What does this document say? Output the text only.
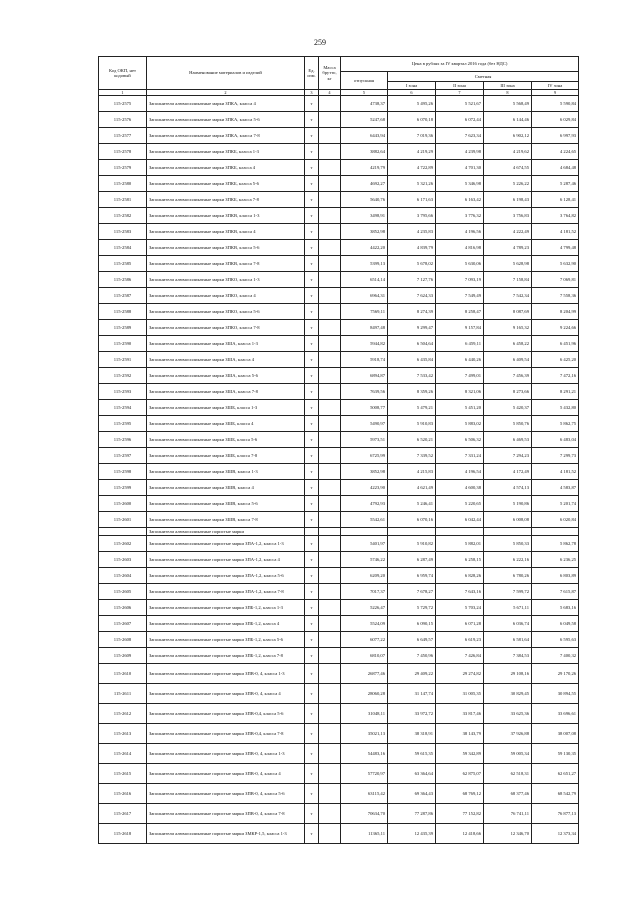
259
Код ОКП, нет кодовый	Наименование материалов и изделий	Ед. изм.	Масса брутто, кг	Цена в рублях за IV квартал 2016 года (без НДС)				
				отпускная	Сметная			
					I зона	II зона	III зона	IV зона
1	2	3	4	5	6	7	8	9
115-2575	Заполнители алюмосиликатные марки ЗПКА, класса 4	т		4738,37	5 495,26	5 521,67	5 568,49	5 590,84
115-2576	Заполнители алюмосиликатные марки ЗПКА, класса 5-6	т		5247,68	6 070,18	6 072,44	6 144,46	6 029,84
115-2577	Заполнители алюмосиликатные марки ЗПКА, класса 7-8	т		6443,94	7 019,36	7 623,34	6 902,12	6 997,93
115-2578	Заполнители алюмосиликатные марки ЗПКБ, класса 1-3	т		3882,64	4 219,29	4 239,98	4 219,62	4 224,65
115-2579	Заполнители алюмосиликатные марки ЗПКБ, класса 4	т		4219,79	4 722,89	4 701,30	4 674,55	4 684,48
115-2580	Заполнители алюмосиликатные марки ЗПКБ, класса 5-6	т		4692,27	5 321,26	5 346,98	5 226,22	5 287,46
115-2581	Заполнители алюмосиликатные марки ЗПКБ, класса 7-8	т		5640,76	6 171,63	6 163,42	6 198,43	6 128,41
115-2582	Заполнители алюмосиликатные марки ЗПКВ, класса 1-3	т		3498,91	3 795,66	3 776,32	3 756,83	3 764,82
115-2583	Заполнители алюмосиликатные марки ЗПКВ, класса 4	т		3852,98	4 235,83	4 196,56	4 222,49	4 181,52
115-2584	Заполнители алюмосиликатные марки ЗПКВ, класса 5-6	т		4422,20	4 839,79	4 816,98	4 789,23	4 799,48
115-2585	Заполнители алюмосиликатные марки ЗПКВ, класса 7-8	т		5399,13	5 678,02	5 630,06	5 628,98	5 632,90
115-2586	Заполнители алюмосиликатные марки ЗПКО, класса 1-3	т		6514,14	7 127,76	7 093,19	7 158,84	7 069,81
115-2587	Заполнители алюмосиликатные марки ЗПКО, класса 4	т		6964,31	7 624,33	7 549,49	7 542,34	7 558,36
115-2588	Заполнители алюмосиликатные марки ЗПКО, класса 5-6	т		7569,11	8 274,39	8 258,47	8 087,69	8 204,99
115-2589	Заполнители алюмосиликатные марки ЗПКО, класса 7-8	т		8497,48	9 299,47	9 157,84	9 165,32	9 224,66
115-2590	Заполнители алюмосиликатные марки ЗША, класса 1-3	т		5944,82	6 504,64	6 459,11	6 458,22	6 451,96
115-2591	Заполнители алюмосиликатные марки ЗША, класса 4	т		5918,74	6 435,84	6 440,26	6 409,54	6 425,20
115-2592	Заполнители алюмосиликатные марки ЗША, класса 5-6	т		6894,87	7 533,42	7 499,01	7 456,39	7 472,16
115-2593	Заполнители алюмосиликатные марки ЗША, класса 7-8	т		7639,56	8 359,26	8 321,06	8 273,66	8 291,21
115-2594	Заполнители алюмосиликатные марки ЗШБ, класса 1-3	т		5008,77	5 479,21	5 451,20	5 420,37	5 432,80
115-2595	Заполнители алюмосиликатные марки ЗШБ, класса 4	т		5490,97	5 910,83	5 883,02	5 850,76	5 862,75
115-2596	Заполнители алюмосиликатные марки ЗШБ, класса 5-6	т		5973,51	6 520,21	6 506,32	6 469,53	6 483,04
115-2597	Заполнители алюмосиликатные марки ЗШБ, класса 7-8	т		6725,99	7 339,52	7 331,24	7 294,23	7 299,73
115-2598	Заполнители алюмосиликатные марки ЗШВ, класса 1-3	т		3852,98	4 215,83	4 196,54	4 172,49	4 181,52
115-2599	Заполнители алюмосиликатные марки ЗШВ, класса 4	т		4223,90	4 621,49	4 600,38	4 574,13	4 583,87
115-2600	Заполнители алюмосиликатные марки ЗШВ, класса 5-6	т		4792,93	5 246,41	5 220,65	5 190,86	5 201,74
115-2601	Заполнители алюмосиликатные марки ЗШВ, класса 7-8	т		5542,61	6 070,16	6 042,44	6 008,08	6 020,84
	Заполнители алюмосиликатные пористые марки							
115-2602	Заполнители алюмосиликатные пористые марки ЗПА-1,2, класса 1-3	т		5401,97	5 910,82	5 882,01	5 850,33	5 862,78
115-2603	Заполнители алюмосиликатные пористые марки ЗПА-1,2, класса 4	т		5746,22	6 287,49	6 258,15	6 222,16	6 236,25
115-2604	Заполнители алюмосиликатные пористые марки ЗПА-1,2, класса 5-6	т		6209,20	6 959,74	6 828,26	6 780,26	6 803,89
115-2605	Заполнители алюмосиликатные пористые марки ЗПА-1,2, класса 7-8	т		7017,37	7 678,27	7 643,16	7 599,72	7 615,87
115-2606	Заполнители алюмосиликатные пористые марки ЗПБ-1,2, класса 1-3	т		5226,47	5 729,72	5 703,24	5 671,11	5 683,16
115-2607	Заполнители алюмосиликатные пористые марки ЗПБ-1,2, класса 4	т		5524,09	6 090,15	6 071,28	6 036,74	6 049,58
115-2608	Заполнители алюмосиликатные пористые марки ЗПБ-1,2, класса 5-6	т		6077,22	6 649,57	6 619,23	6 581,64	6 595,63
115-2609	Заполнители алюмосиликатные пористые марки ЗПБ-1,2, класса 7-8	т		6810,07	7 450,96	7 426,84	7 384,53	7 400,32
115-2610	Заполнители алюмосиликатные пористые марки ЗПВ-0, 4, класса 1-3	т		26877,46	29 409,22	29 274,82	29 108,16	29 170,26
115-2611	Заполнители алюмосиликатные пористые марки ЗПВ-0, 4, класса 4	т		28060,28	31 147,74	31 005,35	30 829,45	30 894,55
115-2612	Заполнители алюмосиликатные пористые марки ЗПВ-0,4, класса 5-6	т		31048,11	33 972,72	33 817,46	33 625,36	33 696,61
115-2613	Заполнители алюмосиликатные пористые марки ЗПВ-0,4, класса 7-8	т		35021,13	38 318,91	38 143,79	37 926,88	38 007,08
115-2614	Заполнители алюмосиликатные пористые марки ЗПВ-0, 4, класса 1-3	т		54483,16	59 615,35	59 342,89	59 005,34	59 130,35
115-2615	Заполнители алюмосиликатные пористые марки ЗПВ-0, 4, класса 4	т		57720,97	63 364,64	62 875,07	62 518,31	62 651,27
115-2616	Заполнители алюмосиликатные пористые марки ЗПВ-0, 4, класса 5-6	т		63115,42	69 364,43	68 769,12	68 377,46	68 542,79
115-2617	Заполнители алюмосиликатные пористые марки ЗПВ-0, 4, класса 7-8	т		70634,70	77 287,86	77 152,82	76 741,11	76 877,13
115-2618	Заполнители алюмосиликатные пористые марки ЗМКР-1,5, класса 1-3	т		11365,11	12 435,39	12 418,66	12 346,70	12 373,34
